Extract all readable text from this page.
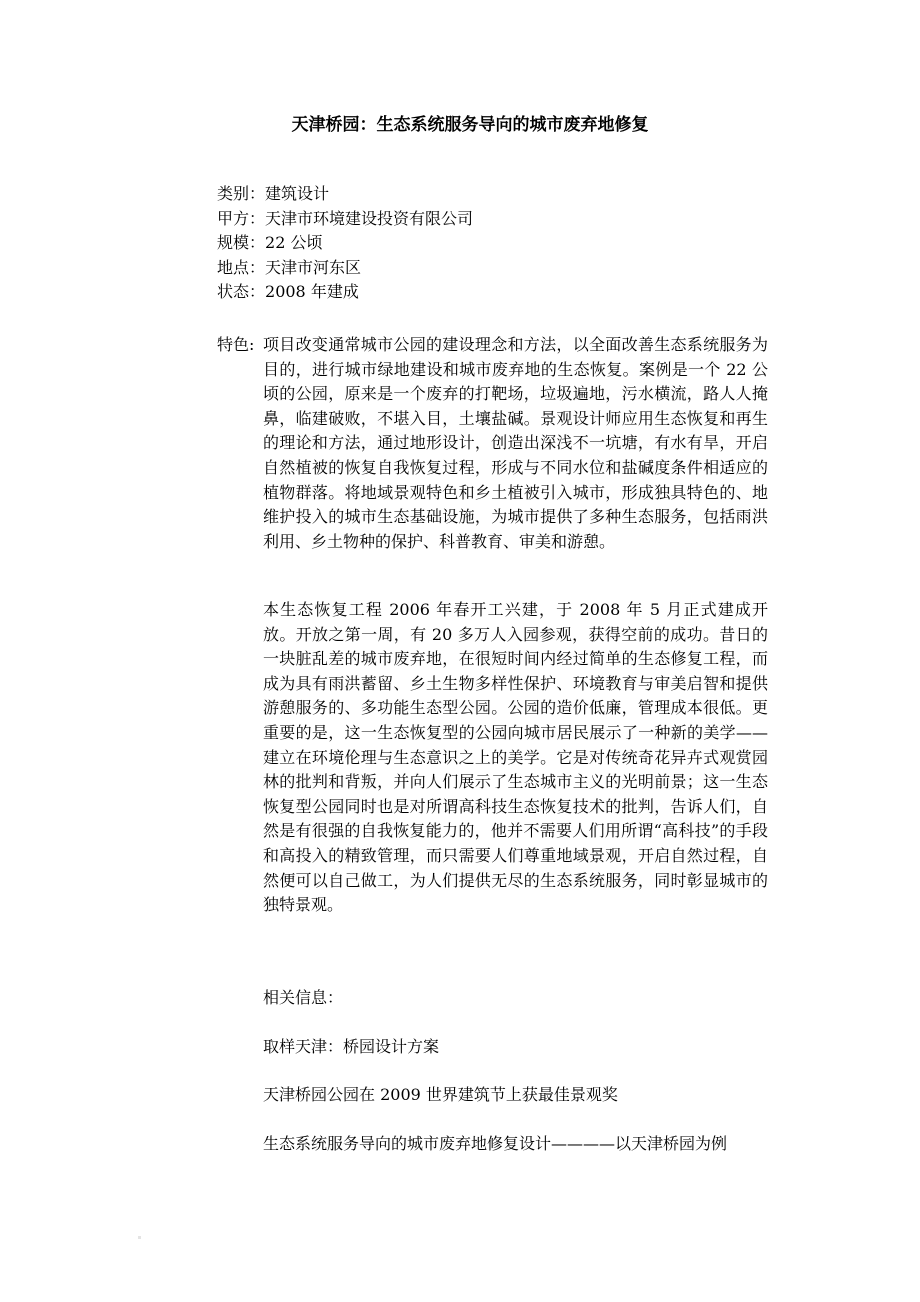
天津桥园：生态系统服务导向的城市废弃地修复
类别：建筑设计
甲方：天津市环境建设投资有限公司
规模：22 公顷
地点：天津市河东区
状态：2008 年建成
特色: 项目改变通常城市公园的建设理念和方法，以全面改善生态系统服务为目的，进行城市绿地建设和城市废弃地的生态恢复。案例是一个 22 公顷的公园，原来是一个废弃的打靶场，垃圾遍地，污水横流，路人人掩鼻，临建破败，不堪入目，土壤盐碱。景观设计师应用生态恢复和再生的理论和方法，通过地形设计，创造出深浅不一坑塘，有水有旱，开启自然植被的恢复自我恢复过程，形成与不同水位和盐碱度条件相适应的植物群落。将地域景观特色和乡土植被引入城市，形成独具特色的、地维护投入的城市生态基础设施，为城市提供了多种生态服务，包括雨洪利用、乡土物种的保护、科普教育、审美和游憩。
本生态恢复工程 2006 年春开工兴建，于 2008 年 5 月正式建成开放。开放之第一周，有 20 多万人入园参观，获得空前的成功。昔日的一块脏乱差的城市废弃地，在很短时间内经过简单的生态修复工程，而成为具有雨洪蓄留、乡土生物多样性保护、环境教育与审美启智和提供游憩服务的、多功能生态型公园。公园的造价低廉，管理成本很低。更重要的是，这一生态恢复型的公园向城市居民展示了一种新的美学——建立在环境伦理与生态意识之上的美学。它是对传统奇花异卉式观赏园林的批判和背叛，并向人们展示了生态城市主义的光明前景；这一生态恢复型公园同时也是对所谓高科技生态恢复技术的批判，告诉人们，自然是有很强的自我恢复能力的，他并不需要人们用所谓“高科技”的手段和高投入的精致管理，而只需要人们尊重地域景观，开启自然过程，自然便可以自己做工，为人们提供无尽的生态系统服务，同时彰显城市的独特景观。

相关信息：

取样天津：桥园设计方案

天津桥园公园在 2009 世界建筑节上获最佳景观奖

生态系统服务导向的城市废弃地修复设计————以天津桥园为例
